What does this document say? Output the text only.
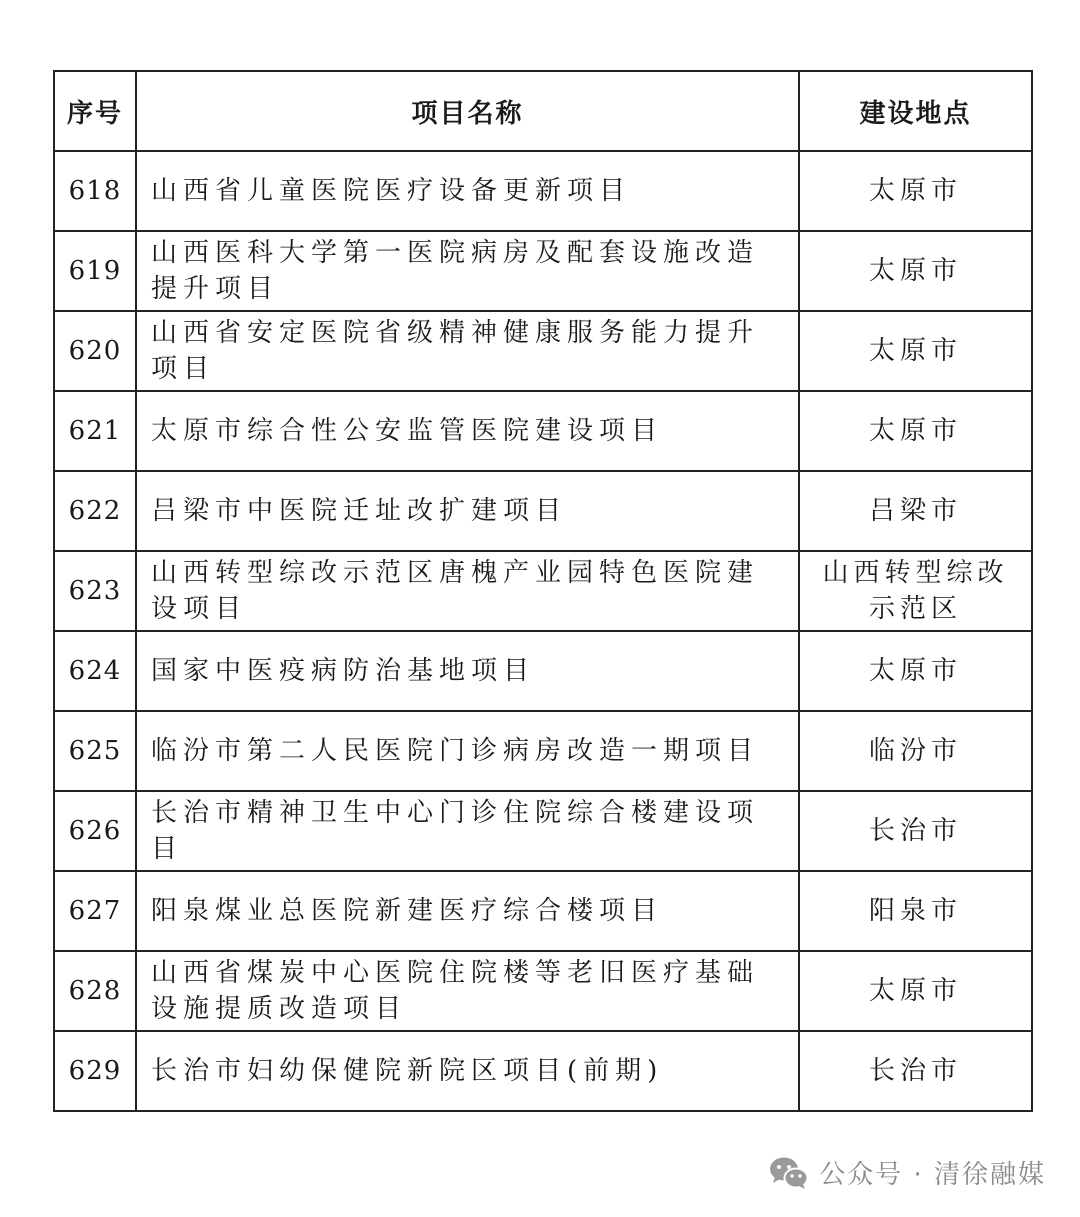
序号	项目名称	建设地点
618	山西省儿童医院医疗设备更新项目	太原市
619	山西医科大学第一医院病房及配套设施改造提升项目	太原市
620	山西省安定医院省级精神健康服务能力提升项目	太原市
621	太原市综合性公安监管医院建设项目	太原市
622	吕梁市中医院迁址改扩建项目	吕梁市
623	山西转型综改示范区唐槐产业园特色医院建设项目	山西转型综改示范区
624	国家中医疫病防治基地项目	太原市
625	临汾市第二人民医院门诊病房改造一期项目	临汾市
626	长治市精神卫生中心门诊住院综合楼建设项目	长治市
627	阳泉煤业总医院新建医疗综合楼项目	阳泉市
628	山西省煤炭中心医院住院楼等老旧医疗基础设施提质改造项目	太原市
629	长治市妇幼保健院新院区项目(前期)	长治市
公众号 · 清徐融媒
